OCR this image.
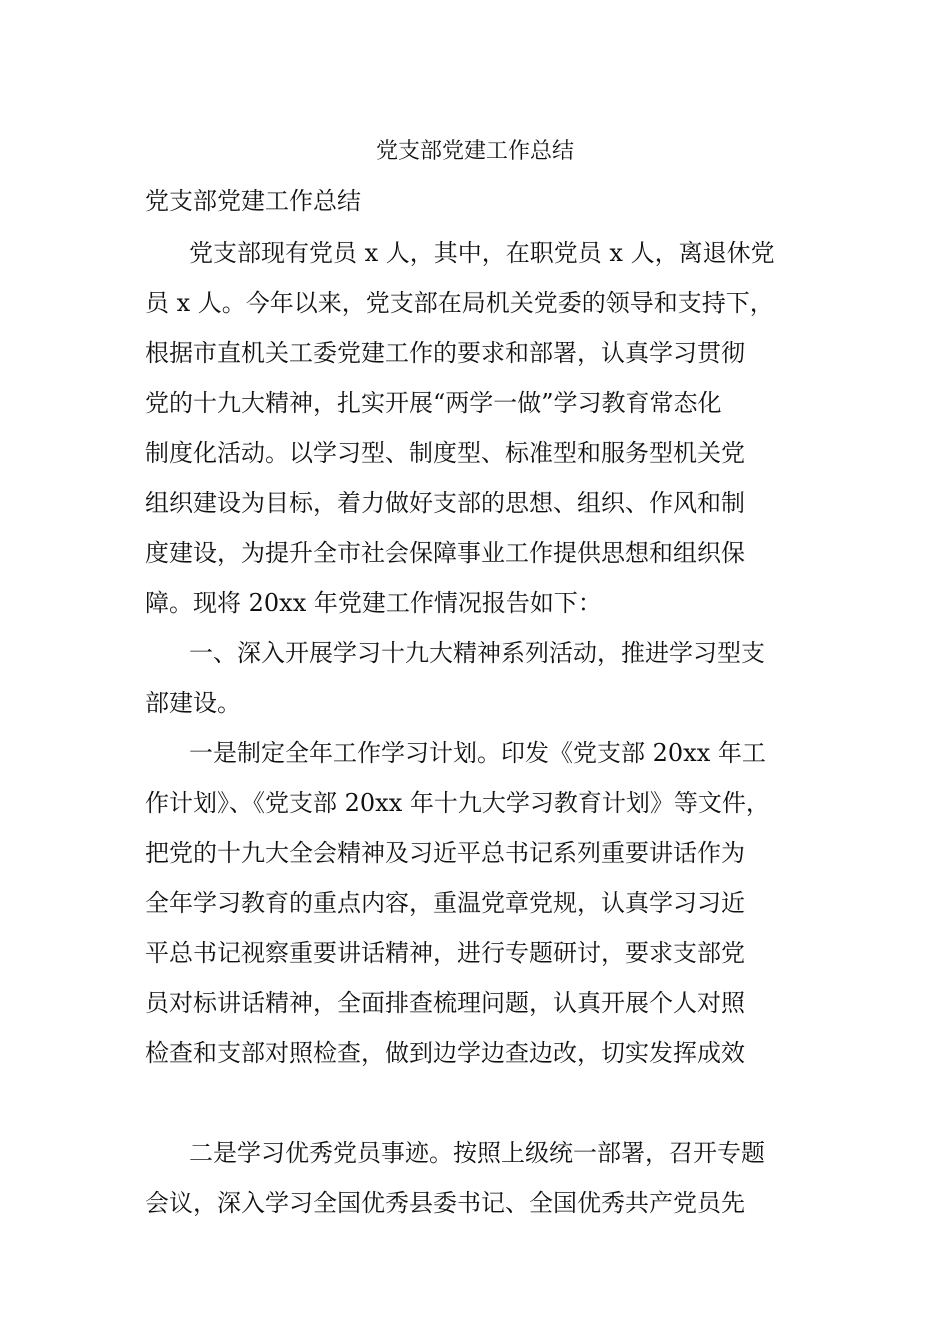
党支部党建工作总结

党支部党建工作总结

党支部现有党员 x 人，其中，在职党员 x 人，离退休党
员 x 人。今年以来，党支部在局机关党委的领导和支持下，
根据市直机关工委党建工作的要求和部署，认真学习贯彻
党的十九大精神，扎实开展“两学一做”学习教育常态化
制度化活动。以学习型、制度型、标准型和服务型机关党
组织建设为目标，着力做好支部的思想、组织、作风和制
度建设，为提升全市社会保障事业工作提供思想和组织保
障。现将 20xx 年党建工作情况报告如下：
一、深入开展学习十九大精神系列活动，推进学习型支
部建设。
一是制定全年工作学习计划。印发《党支部 20xx 年工
作计划》、《党支部 20xx 年十九大学习教育计划》等文件，
把党的十九大全会精神及习近平总书记系列重要讲话作为
全年学习教育的重点内容，重温党章党规，认真学习习近
平总书记视察重要讲话精神，进行专题研讨，要求支部党
员对标讲话精神，全面排查梳理问题，认真开展个人对照
检查和支部对照检查，做到边学边查边改，切实发挥成效
二是学习优秀党员事迹。按照上级统一部署，召开专题
会议，深入学习全国优秀县委书记、全国优秀共产党员先
